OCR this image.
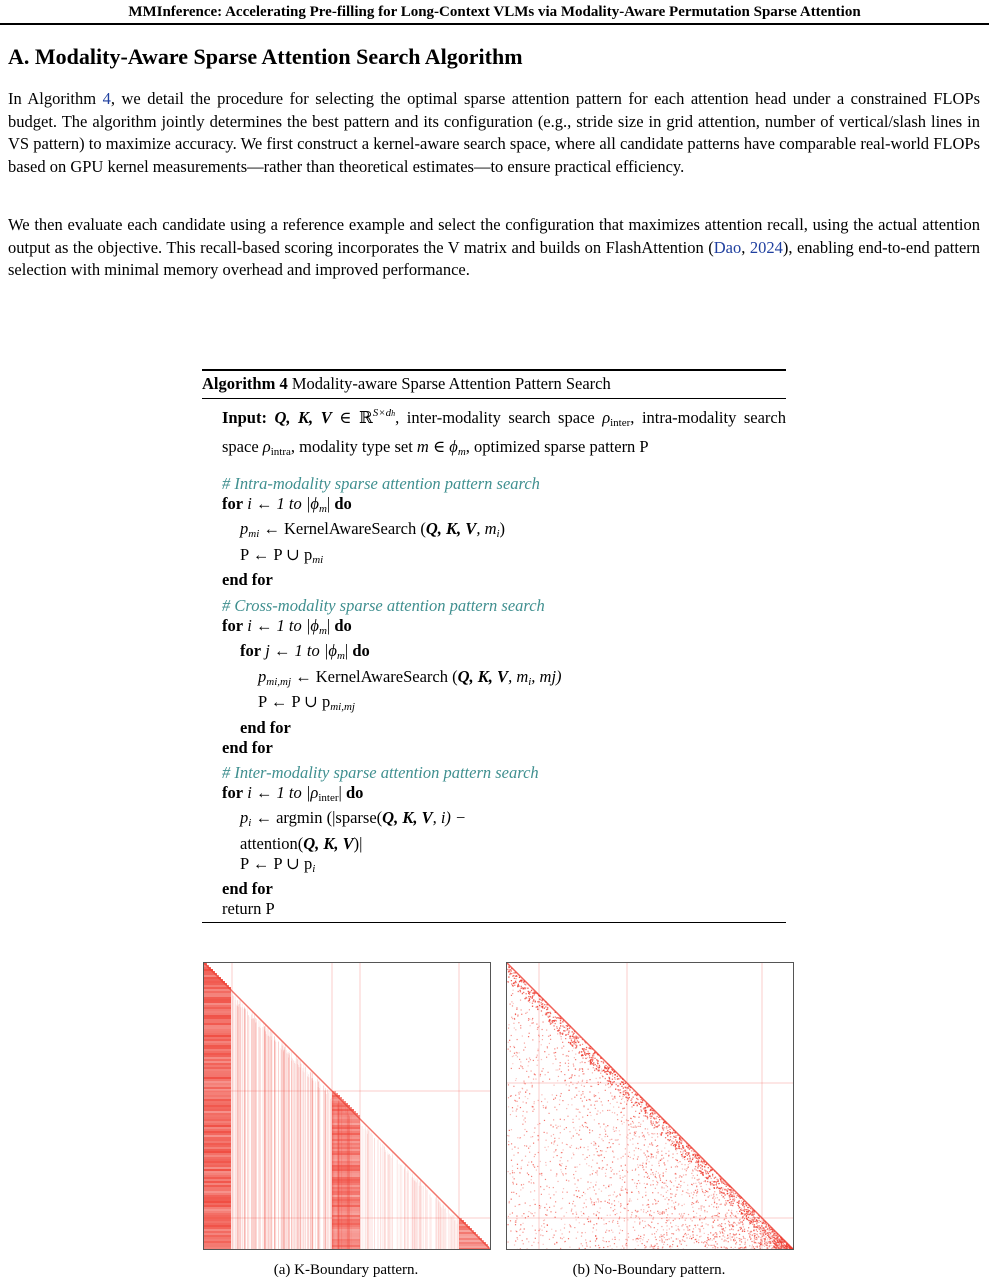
MMInference: Accelerating Pre-filling for Long-Context VLMs via Modality-Aware Permutation Sparse Attention
A. Modality-Aware Sparse Attention Search Algorithm

In Algorithm 4, we detail the procedure for selecting the optimal sparse attention pattern for each attention head under a constrained FLOPs budget. The algorithm jointly determines the best pattern and its configuration (e.g., stride size in grid attention, number of vertical/slash lines in VS pattern) to maximize accuracy. We first construct a kernel-aware search space, where all candidate patterns have comparable real-world FLOPs based on GPU kernel measurements—rather than theoretical estimates—to ensure practical efficiency.

We then evaluate each candidate using a reference example and select the configuration that maximizes attention recall, using the actual attention output as the objective. This recall-based scoring incorporates the V matrix and builds on FlashAttention (Dao, 2024), enabling end-to-end pattern selection with minimal memory overhead and improved performance.

Algorithm 4 Modality-aware Sparse Attention Pattern Search
Input: Q, K, V ∈ ℝ$^{S\times dh}$, inter-modality search space $\rho_{inter}$, intra-modality search space $\rho_{intra}$, modality type set m ∈ $\phi_m$, optimized sparse pattern P
# Intra-modality sparse attention pattern search
for i ← 1 to $|\phi_m|$ do
$p_{mi}$ ← KernelAwareSearch (Q, K, V, $m_i$)
P ← P ∪ $p_{mi}$
end for
# Cross-modality sparse attention pattern search
for i ← 1 to $|\phi_m|$ do
for j ← 1 to $|\phi_m|$ do
$p_{mi,mj}$ ← KernelAwareSearch (Q, K, V, $m_i$, mj)
P ← P ∪ $p_{mi,mj}$
end for
end for
# Inter-modality sparse attention pattern search
for i ← 1 to $|\rho_{inter}|$ do
$p_i$ ← argmin (|sparse(Q, K, V, i) −
attention(Q, K, V)|
P ← P ∪ $p_i$
end for
return P
(a) K-Boundary pattern.	(b) No-Boundary pattern.
